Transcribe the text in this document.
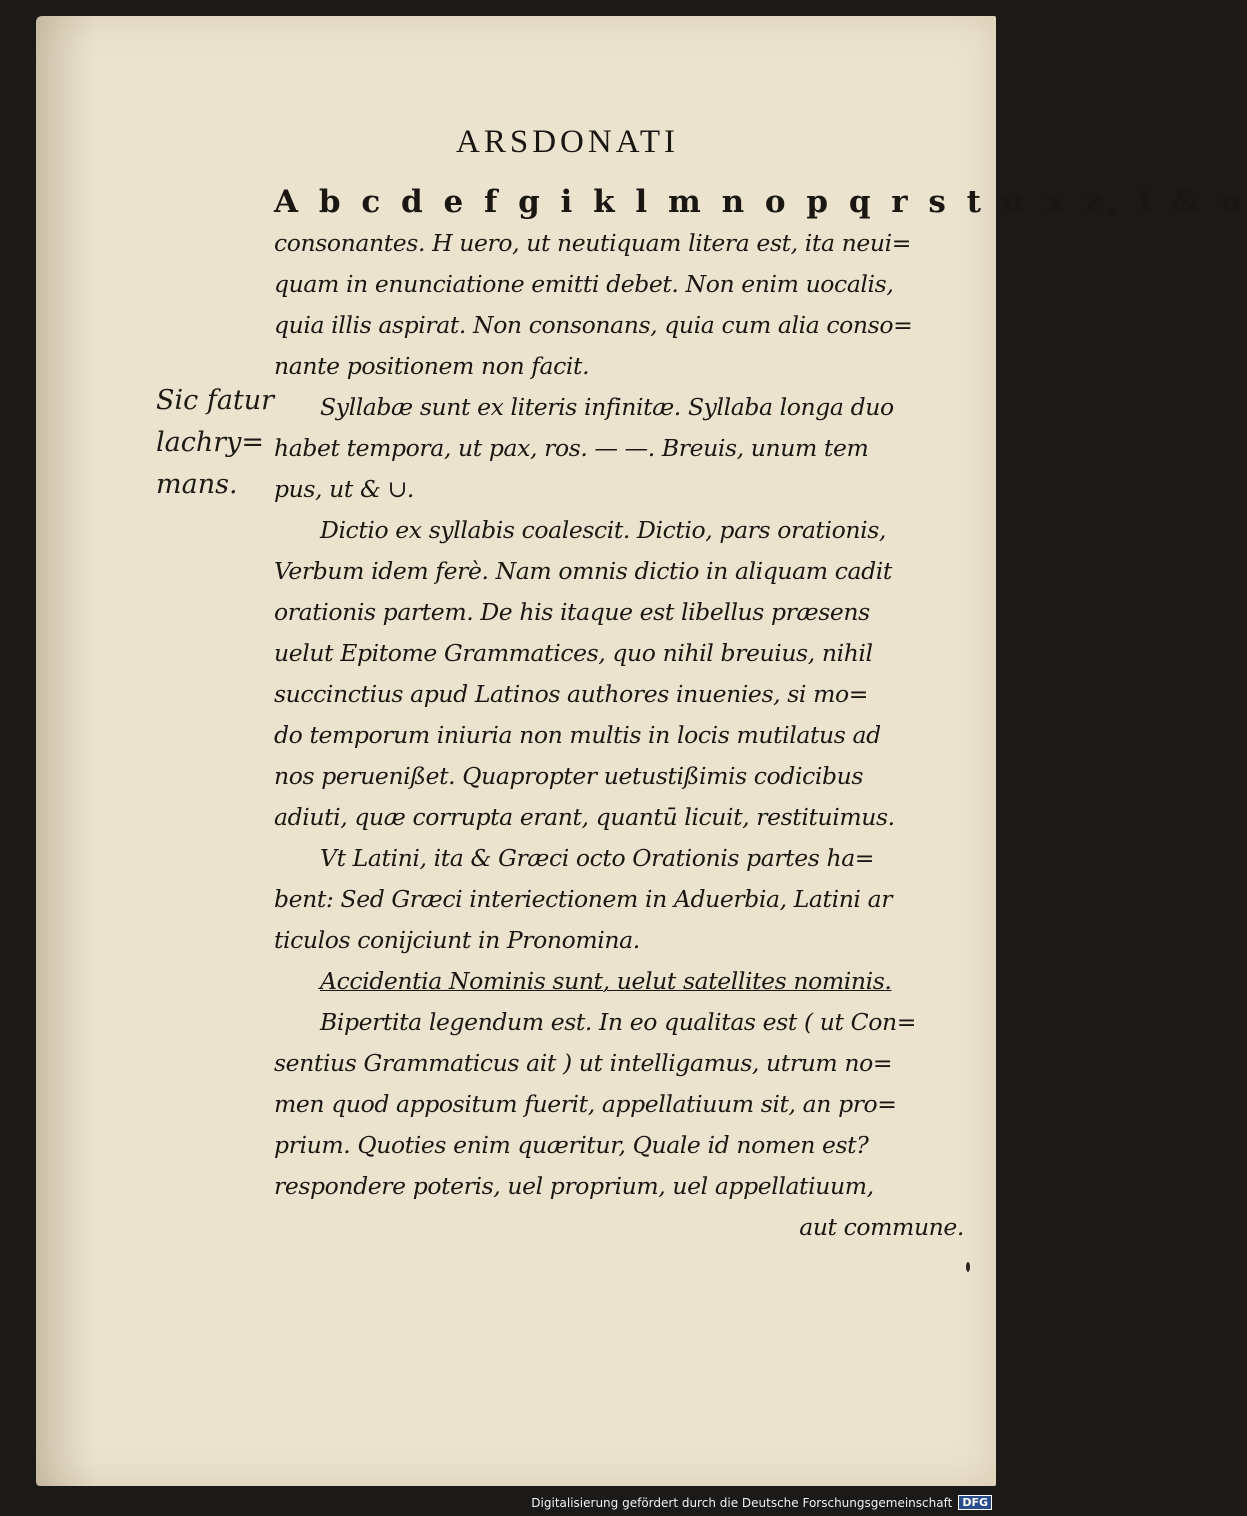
ARSDONATI
Sic fatur
lachry=
mans.
A b c d e f g i k l m n o p q r s t u x z, i & u
consonantes. H uero, ut neutiquam litera est, ita neui=
quam in enunciatione emitti debet. Non enim uocalis,
quia illis aspirat. Non consonans, quia cum alia conso=
nante positionem non facit.
Syllabæ sunt ex literis infinitæ. Syllaba longa duo
habet tempora, ut pax, ros. — —. Breuis, unum tem
pus, ut & ∪.
Dictio ex syllabis coalescit. Dictio, pars orationis,
Verbum idem ferè. Nam omnis dictio in aliquam cadit
orationis partem. De his itaque est libellus præsens
uelut Epitome Grammatices, quo nihil breuius, nihil
succinctius apud Latinos authores inuenies, si mo=
do temporum iniuria non multis in locis mutilatus ad
nos peruenißet. Quapropter uetustißimis codicibus
adiuti, quæ corrupta erant, quantū licuit, restituimus.
Vt Latini, ita & Græci octo Orationis partes ha=
bent: Sed Græci interiectionem in Aduerbia, Latini ar
ticulos conijciunt in Pronomina.
Accidentia Nominis sunt, uelut satellites nominis.
Bipertita legendum est. In eo qualitas est ( ut Con=
sentius Grammaticus ait ) ut intelligamus, utrum no=
men quod appositum fuerit, appellatiuum sit, an pro=
prium. Quoties enim quæritur, Quale id nomen est?
respondere poteris, uel proprium, uel appellatiuum,
aut commune.
Digitalisierung gefördert durch die Deutsche Forschungsgemeinschaft DFG
